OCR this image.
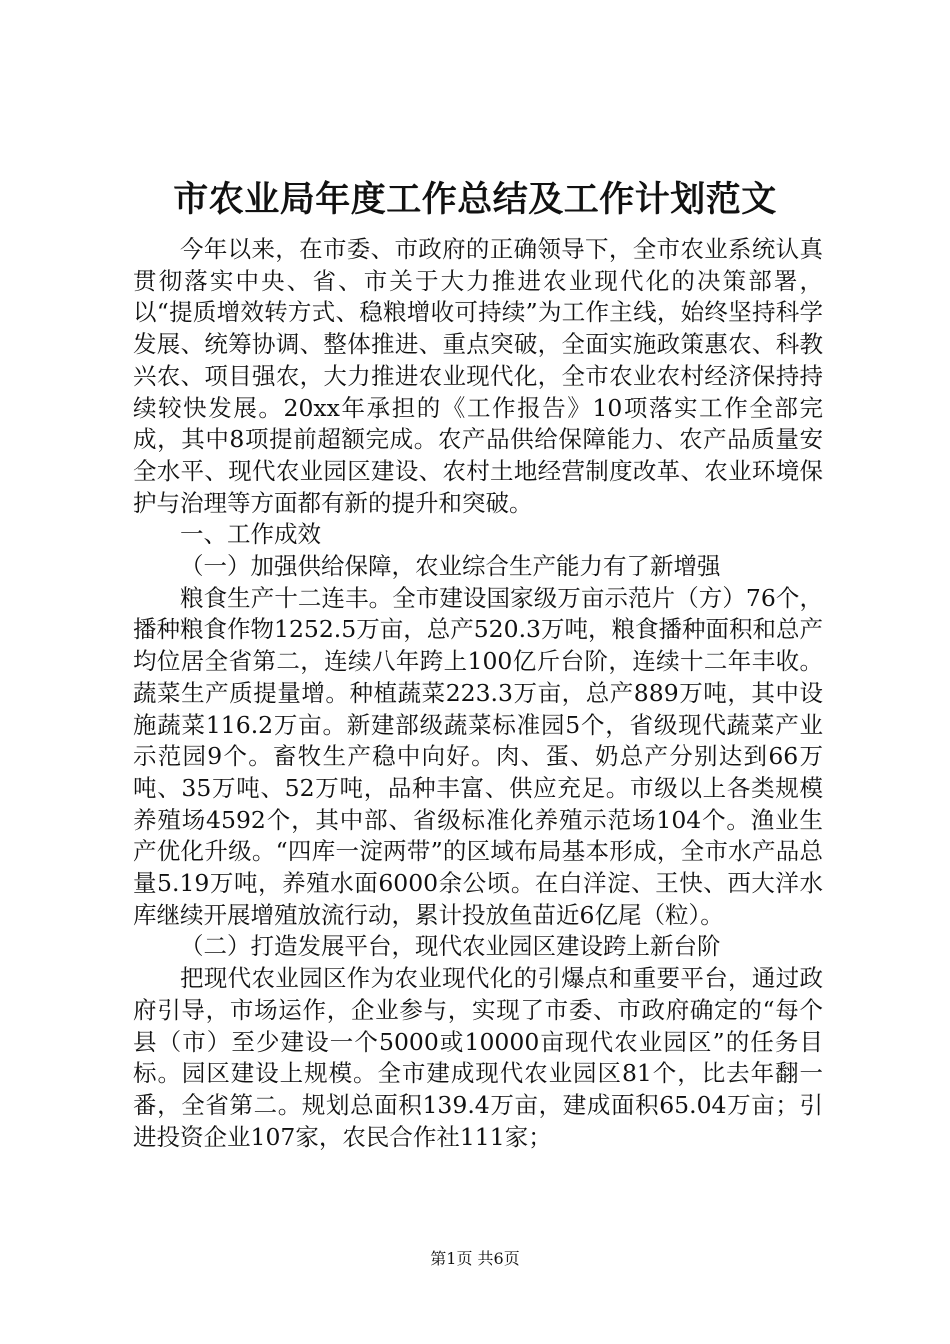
市农业局年度工作总结及工作计划范文

今年以来，在市委、市政府的正确领导下，全市农业系统认真贯彻落实中央、省、市关于大力推进农业现代化的决策部署，以“提质增效转方式、稳粮增收可持续”为工作主线，始终坚持科学发展、统筹协调、整体推进、重点突破，全面实施政策惠农、科教兴农、项目强农，大力推进农业现代化，全市农业农村经济保持持续较快发展。20xx年承担的《工作报告》10项落实工作全部完成，其中8项提前超额完成。农产品供给保障能力、农产品质量安全水平、现代农业园区建设、农村土地经营制度改革、农业环境保护与治理等方面都有新的提升和突破。

一、工作成效

（一）加强供给保障，农业综合生产能力有了新增强

粮食生产十二连丰。全市建设国家级万亩示范片（方）76个，播种粮食作物1252.5万亩，总产520.3万吨，粮食播种面积和总产均位居全省第二，连续八年跨上100亿斤台阶，连续十二年丰收。蔬菜生产质提量增。种植蔬菜223.3万亩，总产889万吨，其中设施蔬菜116.2万亩。新建部级蔬菜标准园5个，省级现代蔬菜产业示范园9个。畜牧生产稳中向好。肉、蛋、奶总产分别达到66万吨、35万吨、52万吨，品种丰富、供应充足。市级以上各类规模养殖场4592个，其中部、省级标准化养殖示范场104个。渔业生产优化升级。“四库一淀两带”的区域布局基本形成，全市水产品总量5.19万吨，养殖水面6000余公顷。在白洋淀、王快、西大洋水库继续开展增殖放流行动，累计投放鱼苗近6亿尾（粒）。

（二）打造发展平台，现代农业园区建设跨上新台阶

把现代农业园区作为农业现代化的引爆点和重要平台，通过政府引导，市场运作，企业参与，实现了市委、市政府确定的“每个县（市）至少建设一个5000或10000亩现代农业园区”的任务目标。园区建设上规模。全市建成现代农业园区81个，比去年翻一番，全省第二。规划总面积139.4万亩，建成面积65.04万亩；引进投资企业107家，农民合作社111家；

第1页 共6页
